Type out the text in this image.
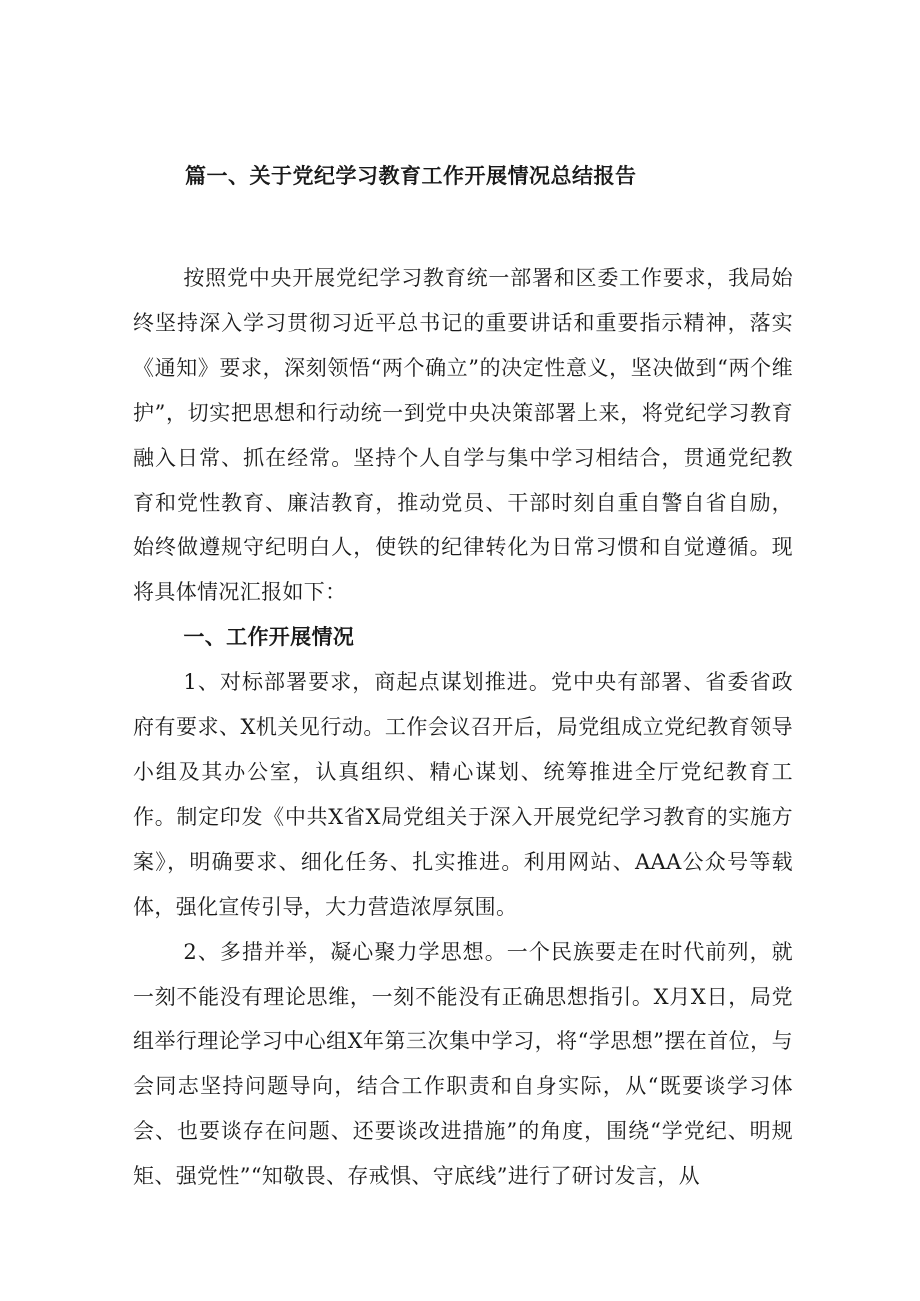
篇一、关于党纪学习教育工作开展情况总结报告

按照党中央开展党纪学习教育统一部署和区委工作要求，我局始终坚持深入学习贯彻习近平总书记的重要讲话和重要指示精神，落实《通知》要求，深刻领悟“两个确立”的决定性意义，坚决做到“两个维护”，切实把思想和行动统一到党中央决策部署上来，将党纪学习教育融入日常、抓在经常。坚持个人自学与集中学习相结合，贯通党纪教育和党性教育、廉洁教育，推动党员、干部时刻自重自警自省自励，始终做遵规守纪明白人，使铁的纪律转化为日常习惯和自觉遵循。现将具体情况汇报如下：

一、工作开展情况

1、对标部署要求，商起点谋划推进。党中央有部署、省委省政府有要求、X机关见行动。工作会议召开后，局党组成立党纪教育领导小组及其办公室，认真组织、精心谋划、统筹推进全厅党纪教育工作。制定印发《中共X省X局党组关于深入开展党纪学习教育的实施方案》，明确要求、细化任务、扎实推进。利用网站、AAA公众号等载体，强化宣传引导，大力营造浓厚氛围。

2、多措并举，凝心聚力学思想。一个民族要走在时代前列，就一刻不能没有理论思维，一刻不能没有正确思想指引。X月X日，局党组举行理论学习中心组X年第三次集中学习，将“学思想”摆在首位，与会同志坚持问题导向，结合工作职责和自身实际，从“既要谈学习体会、也要谈存在问题、还要谈改进措施”的角度，围绕“学党纪、明规矩、强党性”“知敬畏、存戒惧、守底线”进行了研讨发言，从
